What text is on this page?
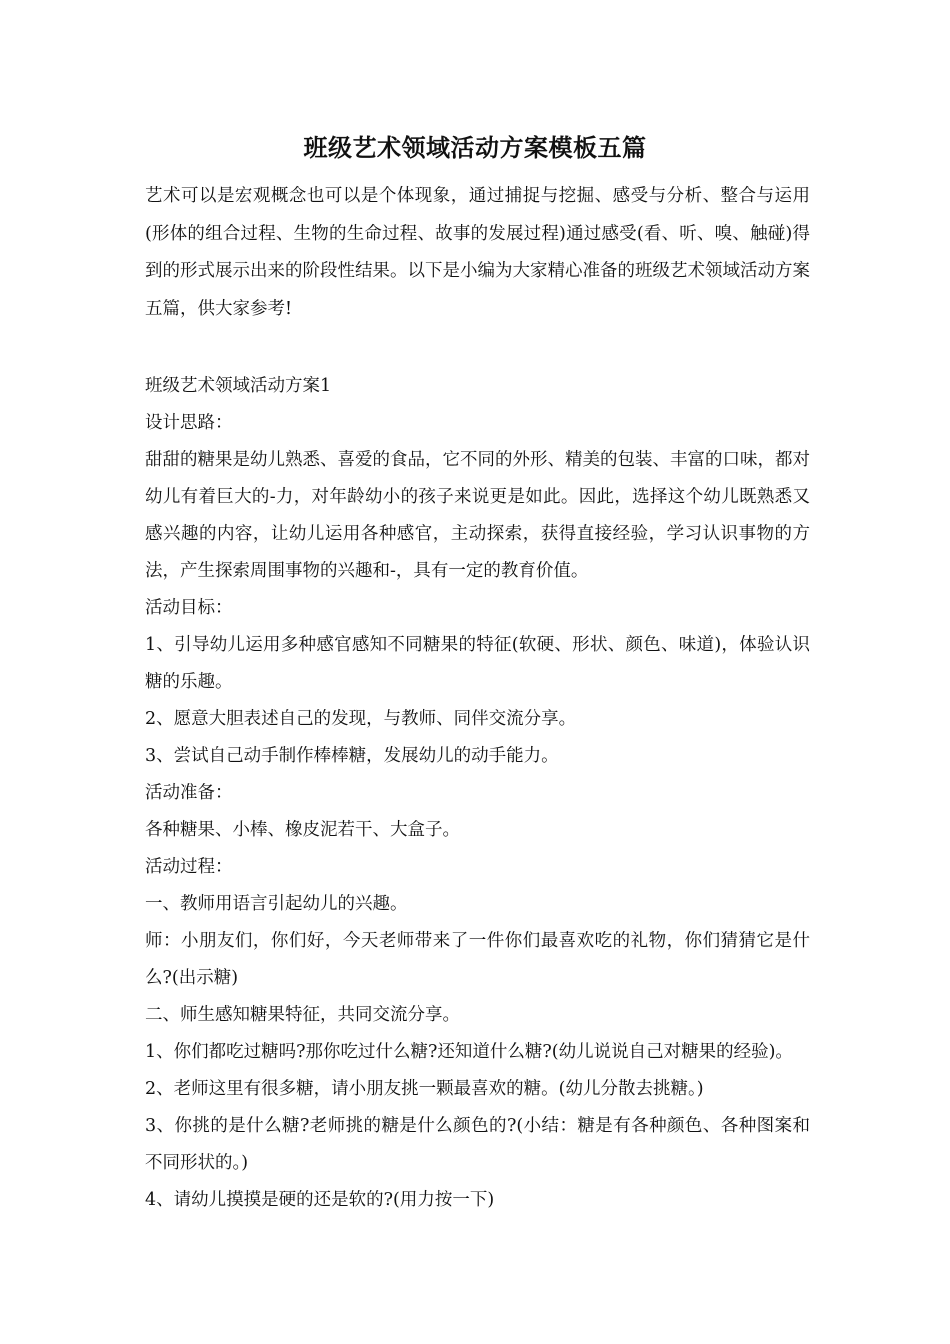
班级艺术领域活动方案模板五篇

艺术可以是宏观概念也可以是个体现象，通过捕捉与挖掘、感受与分析、整合与运用(形体的组合过程、生物的生命过程、故事的发展过程)通过感受(看、听、嗅、触碰)得到的形式展示出来的阶段性结果。以下是小编为大家精心准备的班级艺术领域活动方案五篇，供大家参考!

班级艺术领域活动方案1

设计思路：

甜甜的糖果是幼儿熟悉、喜爱的食品，它不同的外形、精美的包装、丰富的口味，都对幼儿有着巨大的-力，对年龄幼小的孩子来说更是如此。因此，选择这个幼儿既熟悉又感兴趣的内容，让幼儿运用各种感官，主动探索，获得直接经验，学习认识事物的方法，产生探索周围事物的兴趣和-，具有一定的教育价值。

活动目标：

1、引导幼儿运用多种感官感知不同糖果的特征(软硬、形状、颜色、味道)，体验认识糖的乐趣。

2、愿意大胆表述自己的发现，与教师、同伴交流分享。

3、尝试自己动手制作棒棒糖，发展幼儿的动手能力。

活动准备：

各种糖果、小棒、橡皮泥若干、大盒子。

活动过程：

一、教师用语言引起幼儿的兴趣。

师：小朋友们，你们好，今天老师带来了一件你们最喜欢吃的礼物，你们猜猜它是什么?(出示糖)

二、师生感知糖果特征，共同交流分享。

1、你们都吃过糖吗?那你吃过什么糖?还知道什么糖?(幼儿说说自己对糖果的经验)。

2、老师这里有很多糖，请小朋友挑一颗最喜欢的糖。(幼儿分散去挑糖。)

3、你挑的是什么糖?老师挑的糖是什么颜色的?(小结：糖是有各种颜色、各种图案和不同形状的。)

4、请幼儿摸摸是硬的还是软的?(用力按一下)
